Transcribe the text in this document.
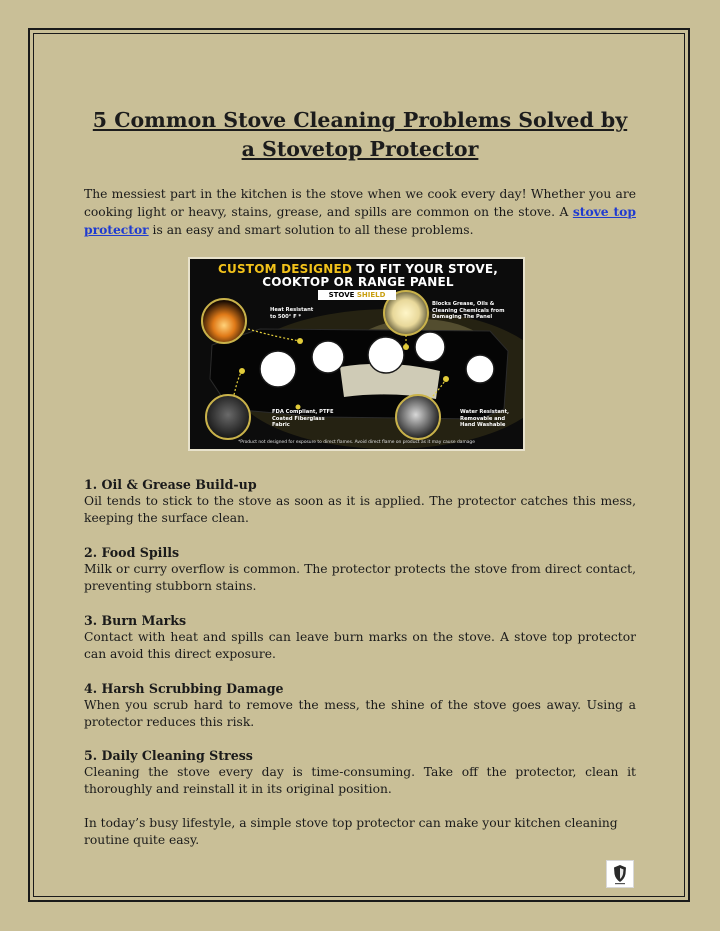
5 Common Stove Cleaning Problems Solved by a Stovetop Protector
The messiest part in the kitchen is the stove when we cook every day! Whether you are cooking light or heavy, stains, grease, and spills are common on the stove. A stove top protector is an easy and smart solution to all these problems.
CUSTOM DESIGNED TO FIT YOUR STOVE,
COOKTOP OR RANGE PANEL
STOVE SHIELD
Heat Resistant to 500° F *
Blocks Grease, Oils & Cleaning Chemicals from Damaging The Panel
FDA Compliant, PTFE Coated Fiberglass Fabric
Water Resistant, Removable and Hand Washable
*Product not designed for exposure to direct flames. Avoid direct flame on product as it may cause damage
1. Oil & Grease Build-up

Oil tends to stick to the stove as soon as it is applied. The protector catches this mess, keeping the surface clean.

2. Food Spills

Milk or curry overflow is common. The protector protects the stove from direct contact, preventing stubborn stains.

3. Burn Marks

Contact with heat and spills can leave burn marks on the stove. A stove top protector can avoid this direct exposure.

4. Harsh Scrubbing Damage

When you scrub hard to remove the mess, the shine of the stove goes away. Using a protector reduces this risk.

5. Daily Cleaning Stress

Cleaning the stove every day is time-consuming. Take off the protector, clean it thoroughly and reinstall it in its original position.

In today’s busy lifestyle, a simple stove top protector can make your kitchen cleaning routine quite easy.
